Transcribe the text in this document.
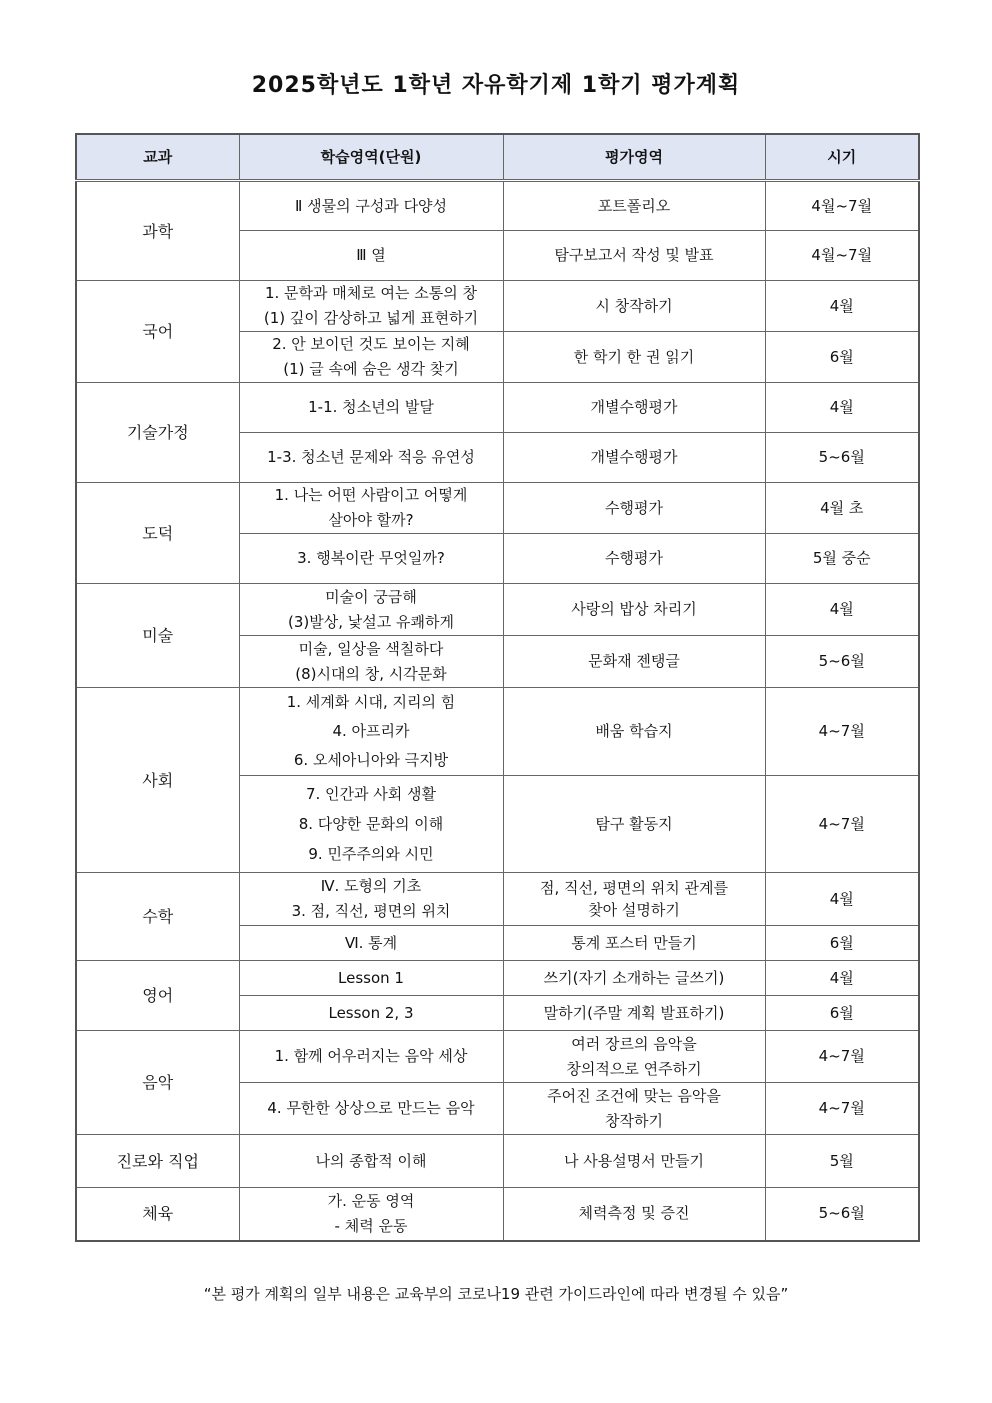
2025학년도 1학년 자유학기제 1학기 평가계획
교과	학습영역(단원)	평가영역	시기
과학	Ⅱ 생물의 구성과 다양성	포트폴리오	4월~7월

	Ⅲ 열	탐구보고서 작성 및 발표	4월~7월
국어	1. 문학과 매체로 여는 소통의 창
(1) 깊이 감상하고 넓게 표현하기	시 창작하기	4월

	2. 안 보이던 것도 보이는 지혜
(1) 글 속에 숨은 생각 찾기	한 학기 한 권 읽기	6월
기술가정	1-1. 청소년의 발달	개별수행평가	4월

	1-3. 청소년 문제와 적응 유연성	개별수행평가	5~6월
도덕	1. 나는 어떤 사람이고 어떻게
살아야 할까?	수행평가	4월 초

	3. 행복이란 무엇일까?	수행평가	5월 중순
미술	미술이 궁금해
(3)발상, 낯설고 유쾌하게	사랑의 밥상 차리기	4월

	미술, 일상을 색칠하다
(8)시대의 창, 시각문화	문화재 젠탱글	5~6월
사회	1. 세계화 시대, 지리의 힘
4. 아프리카
6. 오세아니아와 극지방	배움 학습지	4~7월

	7. 인간과 사회 생활
8. 다양한 문화의 이해
9. 민주주의와 시민	탐구 활동지	4~7월
수학	Ⅳ. 도형의 기초
3. 점, 직선, 평면의 위치	점, 직선, 평면의 위치 관계를
찾아 설명하기	4월

	Ⅵ. 통계	통계 포스터 만들기	6월
영어	Lesson 1	쓰기(자기 소개하는 글쓰기)	4월

	Lesson 2, 3	말하기(주말 계획 발표하기)	6월
음악	1. 함께 어우러지는 음악 세상	여러 장르의 음악을
창의적으로 연주하기	4~7월

	4. 무한한 상상으로 만드는 음악	주어진 조건에 맞는 음악을
창작하기	4~7월
진로와 직업	나의 종합적 이해	나 사용설명서 만들기	5월
체육	가. 운동 영역
- 체력 운동	체력측정 및 증진	5~6월
“본 평가 계획의 일부 내용은 교육부의 코로나19 관련 가이드라인에 따라 변경될 수 있음”
